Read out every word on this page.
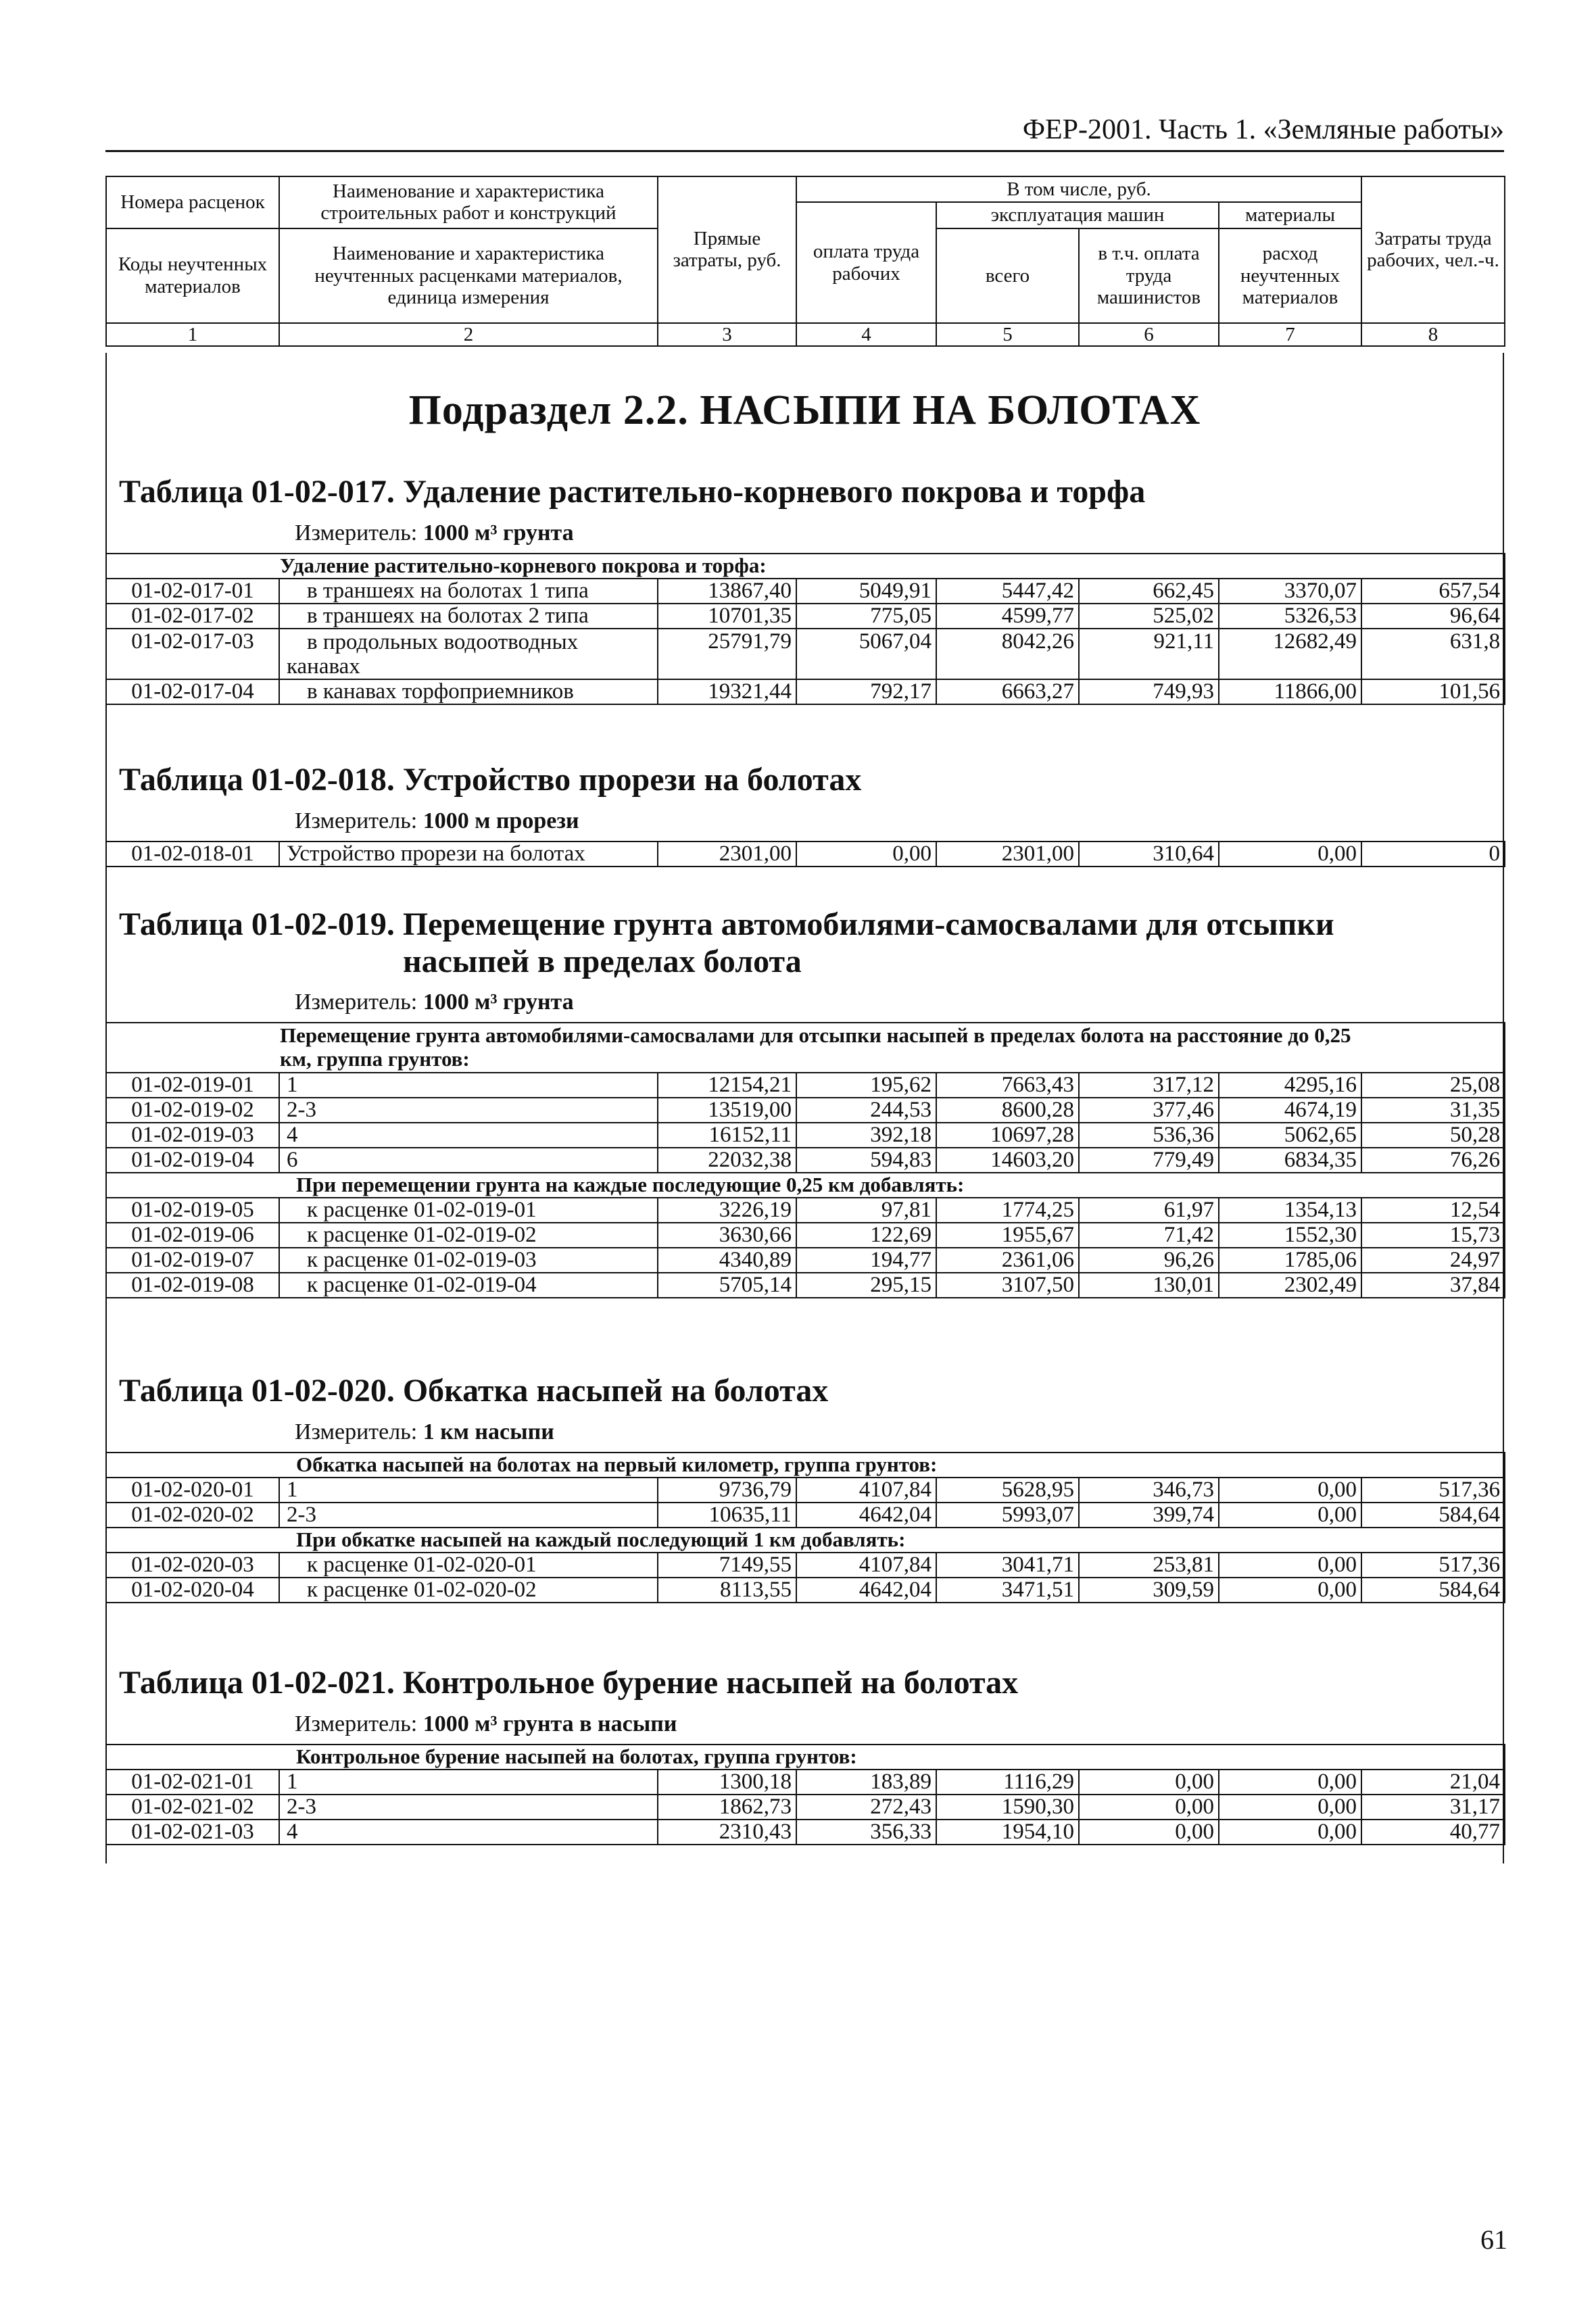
ФЕР-2001. Часть 1. «Земляные работы»
Номера расценок	Наименование и характеристика строительных работ и конструкций	Прямые затраты, руб.	В том числе, руб.				Затраты труда рабочих, чел.-ч.
			оплата труда рабочих	эксплуатация машин		материалы	
Коды неучтенных материалов	Наименование и характеристика неучтенных расценками материалов, единица измерения			всего	в т.ч. оплата труда машинистов	расход неучтенных материалов	

1	2	3	4	5	6	7	8
Подраздел 2.2. НАСЫПИ НА БОЛОТАХ
Таблица 01-02-017. Удаление растительно-корневого покрова и торфа
Измеритель: 1000 м³ грунта
Удаление растительно-корневого покрова и торфа:							
01-02-017-01	в траншеях на болотах 1 типа	13867,40	5049,91	5447,42	662,45	3370,07	657,54
01-02-017-02	в траншеях на болотах 2 типа	10701,35	775,05	4599,77	525,02	5326,53	96,64
01-02-017-03	в продольных водоотводных
канавах	25791,79	5067,04	8042,26	921,11	12682,49	631,8
01-02-017-04	в канавах торфоприемников	19321,44	792,17	6663,27	749,93	11866,00	101,56
Таблица 01-02-018. Устройство прорези на болотах
Измеритель: 1000 м прорези
01-02-018-01	Устройство прорези на болотах	2301,00	0,00	2301,00	310,64	0,00	0
Таблица 01-02-019. Перемещение грунта автомобилями-самосвалами для отсыпки
насыпей в пределах болота
Измеритель: 1000 м³ грунта
Перемещение грунта автомобилями-самосвалами для отсыпки насыпей в пределах болота на расстояние до 0,25 км, группа грунтов:							
01-02-019-01	1	12154,21	195,62	7663,43	317,12	4295,16	25,08
01-02-019-02	2-3	13519,00	244,53	8600,28	377,46	4674,19	31,35
01-02-019-03	4	16152,11	392,18	10697,28	536,36	5062,65	50,28
01-02-019-04	6	22032,38	594,83	14603,20	779,49	6834,35	76,26
При перемещении грунта на каждые последующие 0,25 км добавлять:							
01-02-019-05	к расценке 01-02-019-01	3226,19	97,81	1774,25	61,97	1354,13	12,54
01-02-019-06	к расценке 01-02-019-02	3630,66	122,69	1955,67	71,42	1552,30	15,73
01-02-019-07	к расценке 01-02-019-03	4340,89	194,77	2361,06	96,26	1785,06	24,97
01-02-019-08	к расценке 01-02-019-04	5705,14	295,15	3107,50	130,01	2302,49	37,84
Таблица 01-02-020. Обкатка насыпей на болотах
Измеритель: 1 км насыпи
Обкатка насыпей на болотах на первый километр, группа грунтов:							
01-02-020-01	1	9736,79	4107,84	5628,95	346,73	0,00	517,36
01-02-020-02	2-3	10635,11	4642,04	5993,07	399,74	0,00	584,64
При обкатке насыпей на каждый последующий 1 км добавлять:							
01-02-020-03	к расценке 01-02-020-01	7149,55	4107,84	3041,71	253,81	0,00	517,36
01-02-020-04	к расценке 01-02-020-02	8113,55	4642,04	3471,51	309,59	0,00	584,64
Таблица 01-02-021. Контрольное бурение насыпей на болотах
Измеритель: 1000 м³ грунта в насыпи
Контрольное бурение насыпей на болотах, группа грунтов:							
01-02-021-01	1	1300,18	183,89	1116,29	0,00	0,00	21,04
01-02-021-02	2-3	1862,73	272,43	1590,30	0,00	0,00	31,17
01-02-021-03	4	2310,43	356,33	1954,10	0,00	0,00	40,77
61
